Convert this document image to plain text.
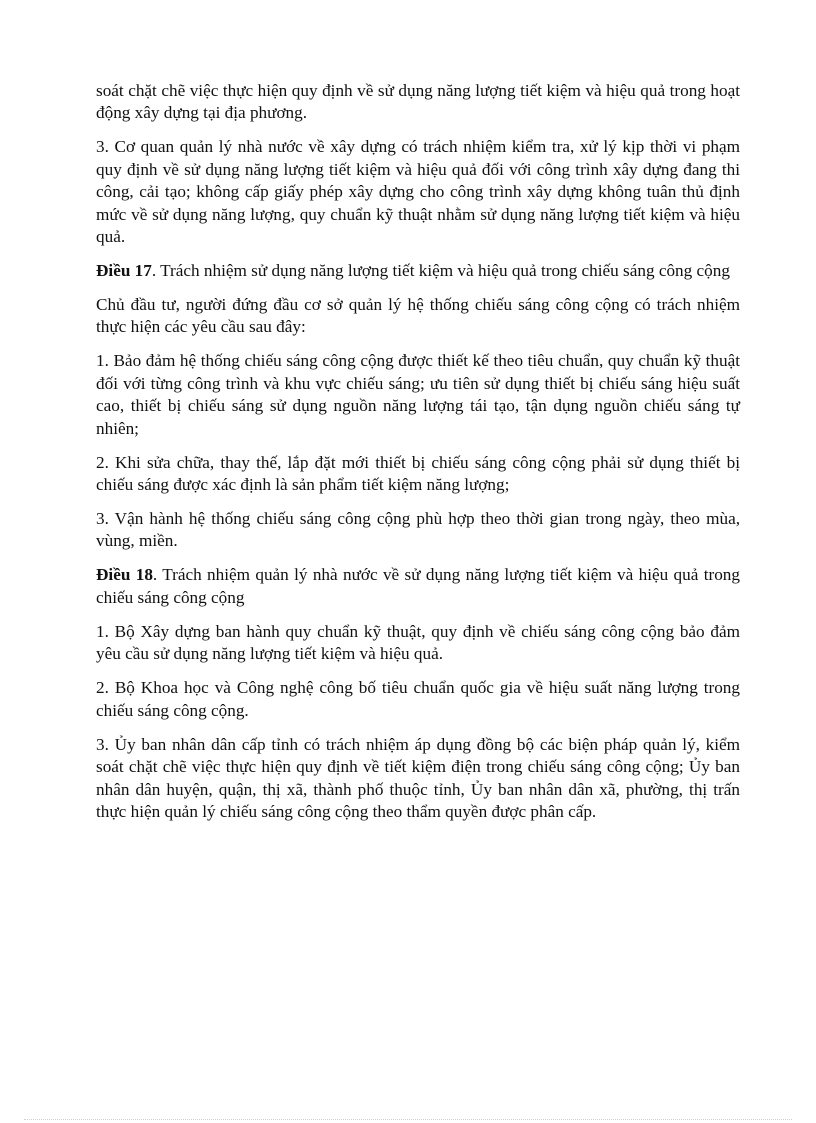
soát chặt chẽ việc thực hiện quy định về sử dụng năng lượng tiết kiệm và hiệu quả trong hoạt động xây dựng tại địa phương.

3. Cơ quan quản lý nhà nước về xây dựng có trách nhiệm kiểm tra, xử lý kịp thời vi phạm quy định về sử dụng năng lượng tiết kiệm và hiệu quả đối với công trình xây dựng đang thi công, cải tạo; không cấp giấy phép xây dựng cho công trình xây dựng không tuân thủ định mức về sử dụng năng lượng, quy chuẩn kỹ thuật nhằm sử dụng năng lượng tiết kiệm và hiệu quả.

Điều 17. Trách nhiệm sử dụng năng lượng tiết kiệm và hiệu quả trong chiếu sáng công cộng

Chủ đầu tư, người đứng đầu cơ sở quản lý hệ thống chiếu sáng công cộng có trách nhiệm thực hiện các yêu cầu sau đây:

1. Bảo đảm hệ thống chiếu sáng công cộng được thiết kế theo tiêu chuẩn, quy chuẩn kỹ thuật đối với từng công trình và khu vực chiếu sáng; ưu tiên sử dụng thiết bị chiếu sáng hiệu suất cao, thiết bị chiếu sáng sử dụng nguồn năng lượng tái tạo, tận dụng nguồn chiếu sáng tự nhiên;

2. Khi sửa chữa, thay thế, lắp đặt mới thiết bị chiếu sáng công cộng phải sử dụng thiết bị chiếu sáng được xác định là sản phẩm tiết kiệm năng lượng;

3. Vận hành hệ thống chiếu sáng công cộng phù hợp theo thời gian trong ngày, theo mùa, vùng, miền.

Điều 18. Trách nhiệm quản lý nhà nước về sử dụng năng lượng tiết kiệm và hiệu quả trong chiếu sáng công cộng

1. Bộ Xây dựng ban hành quy chuẩn kỹ thuật, quy định về chiếu sáng công cộng bảo đảm yêu cầu sử dụng năng lượng tiết kiệm và hiệu quả.

2. Bộ Khoa học và Công nghệ công bố tiêu chuẩn quốc gia về hiệu suất năng lượng trong chiếu sáng công cộng.

3. Ủy ban nhân dân cấp tỉnh có trách nhiệm áp dụng đồng bộ các biện pháp quản lý, kiểm soát chặt chẽ việc thực hiện quy định về tiết kiệm điện trong chiếu sáng công cộng; Ủy ban nhân dân huyện, quận, thị xã, thành phố thuộc tỉnh, Ủy ban nhân dân xã, phường, thị trấn thực hiện quản lý chiếu sáng công cộng theo thẩm quyền được phân cấp.
